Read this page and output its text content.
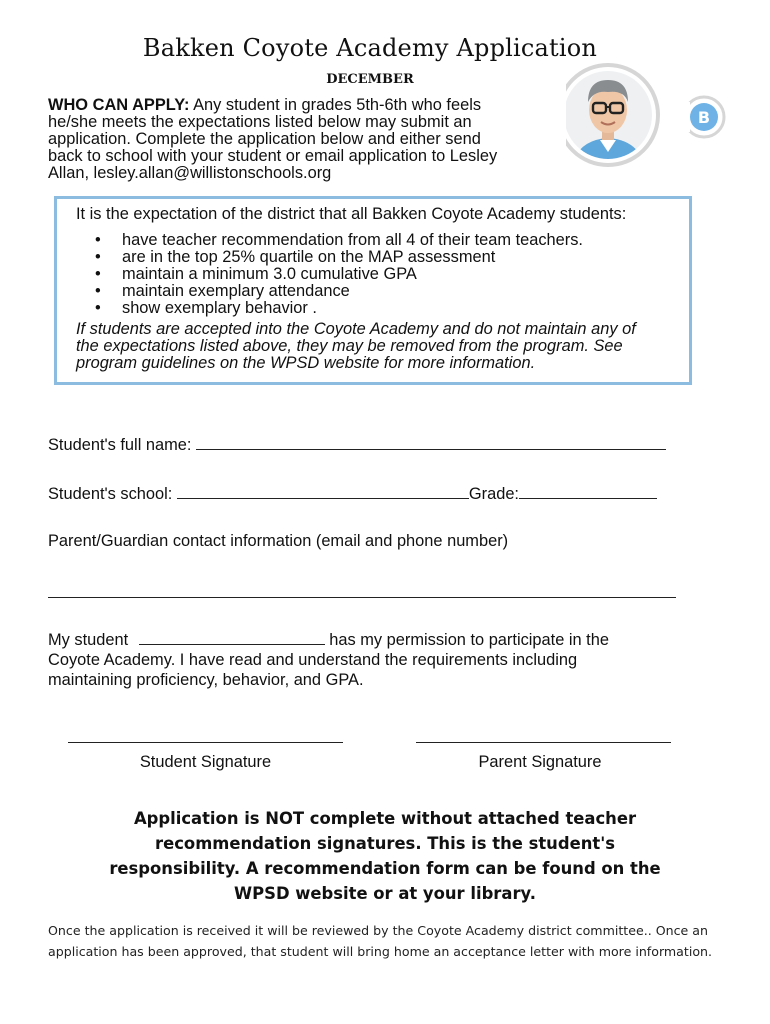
Bakken Coyote Academy Application
DECEMBER
WHO CAN APPLY: Any student in grades 5th-6th who feels
he/she meets the expectations listed below may submit an
application. Complete the application below and either send
back to school with your student or email application to Lesley
Allan, lesley.allan@willistonschools.org
B
It is the expectation of the district that all Bakken Coyote Academy students:
• have teacher recommendation from all 4 of their team teachers.
• are in the top 25% quartile on the MAP assessment
• maintain a minimum 3.0 cumulative GPA
• maintain exemplary attendance
• show exemplary behavior .
If students are accepted into the Coyote Academy and do not maintain any of
the expectations listed above, they may be removed from the program. See
program guidelines on the WPSD website for more information.
Student's full name:
Student's school:	Grade:
Parent/Guardian contact information (email and phone number)
My student	has my permission to participate in the
Coyote Academy. I have read and understand the requirements including
maintaining proficiency, behavior, and GPA.
Student Signature	Parent Signature
Application is NOT complete without attached teacher
recommendation signatures. This is the student's
responsibility. A recommendation form can be found on the
WPSD website or at your library.
Once the application is received it will be reviewed by the Coyote Academy district committee.. Once an
application has been approved, that student will bring home an acceptance letter with more information.
